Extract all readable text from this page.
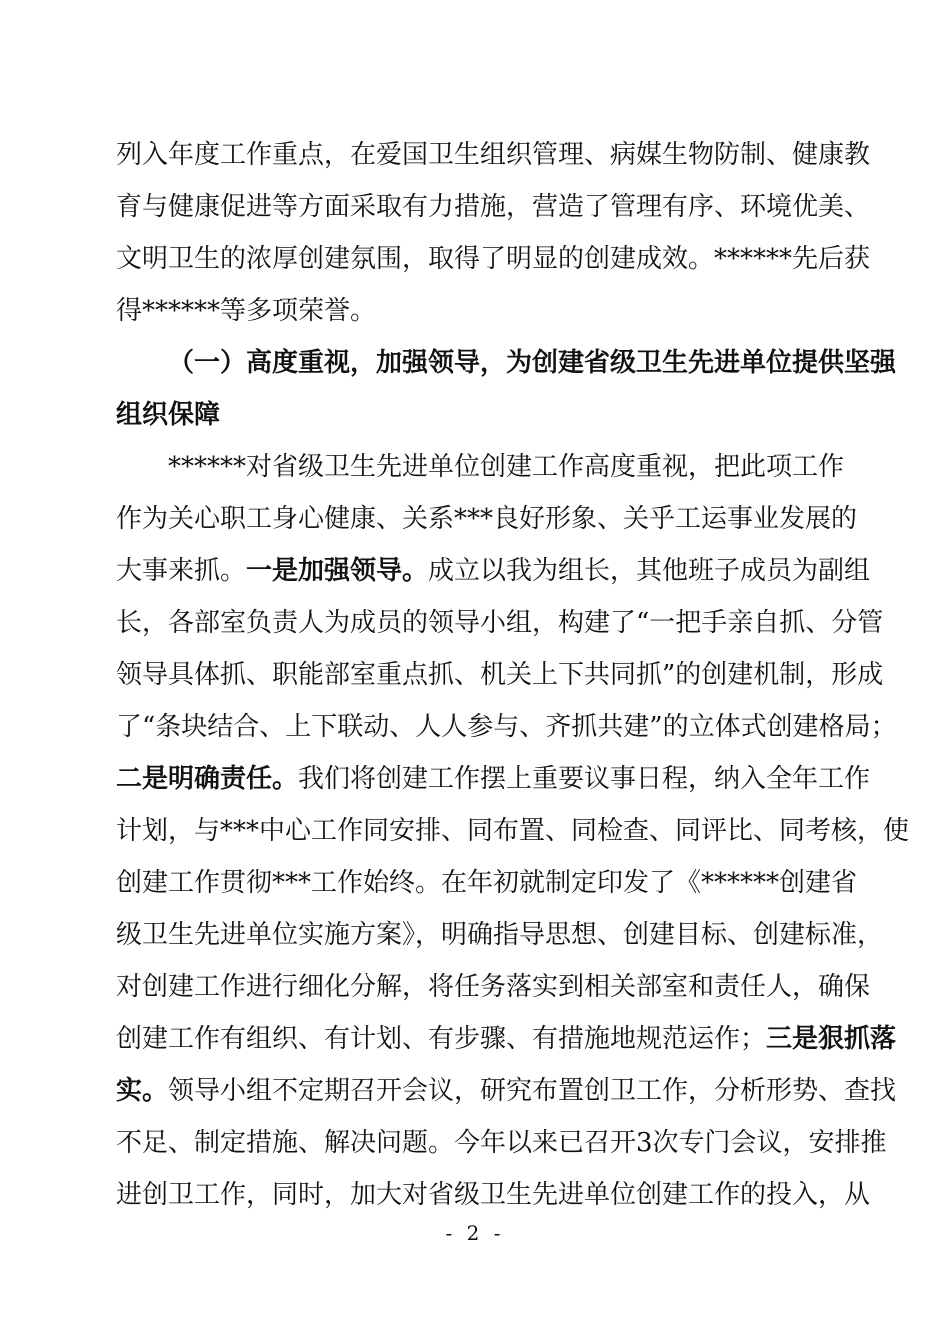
列入年度工作重点，在爱国卫生组织管理、病媒生物防制、健康教
育与健康促进等方面采取有力措施，营造了管理有序、环境优美、
文明卫生的浓厚创建氛围，取得了明显的创建成效。******先后获
得******等多项荣誉。
（一）高度重视，加强领导，为创建省级卫生先进单位提供坚强
组织保障
******对省级卫生先进单位创建工作高度重视，把此项工作
作为关心职工身心健康、关系***良好形象、关乎工运事业发展的
大事来抓。一是加强领导。成立以我为组长，其他班子成员为副组
长，各部室负责人为成员的领导小组，构建了“一把手亲自抓、分管
领导具体抓、职能部室重点抓、机关上下共同抓”的创建机制，形成
了“条块结合、上下联动、人人参与、齐抓共建”的立体式创建格局；
二是明确责任。我们将创建工作摆上重要议事日程，纳入全年工作
计划，与***中心工作同安排、同布置、同检查、同评比、同考核，使
创建工作贯彻***工作始终。在年初就制定印发了《******创建省
级卫生先进单位实施方案》，明确指导思想、创建目标、创建标准，
对创建工作进行细化分解，将任务落实到相关部室和责任人，确保
创建工作有组织、有计划、有步骤、有措施地规范运作；三是狠抓落
实。领导小组不定期召开会议，研究布置创卫工作，分析形势、查找
不足、制定措施、解决问题。今年以来已召开3次专门会议，安排推
进创卫工作，同时，加大对省级卫生先进单位创建工作的投入，从
- 2 -
